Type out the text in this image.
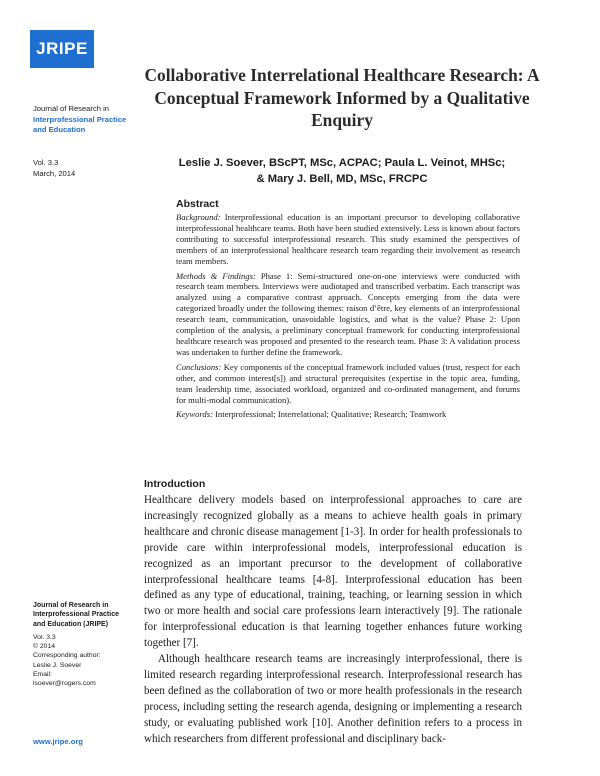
JRIPE
Journal of Research in
Interprofessional Practice and Education
Vol. 3.3
March, 2014
Collaborative Interrelational Healthcare Research: A Conceptual Framework Informed by a Qualitative Enquiry
Leslie J. Soever, BScPT, MSc, ACPAC; Paula L. Veinot, MHSc;
& Mary J. Bell, MD, MSc, FRCPC
Abstract

Background: Interprofessional education is an important precursor to developing collaborative interprofessional healthcare teams. Both have been studied extensively. Less is known about factors contributing to successful interprofessional research. This study examined the perspectives of members of an interprofessional healthcare research team regarding their involvement as research team members.

Methods & Findings: Phase 1: Semi-structured one-on-one interviews were conducted with research team members. Interviews were audiotaped and transcribed verbatim. Each transcript was analyzed using a comparative contrast approach. Concepts emerging from the data were categorized broadly under the following themes: raison d’être, key elements of an interprofessional research team, communication, unavoidable logistics, and what is the value? Phase 2: Upon completion of the analysis, a preliminary conceptual framework for conducting interprofessional healthcare research was proposed and presented to the research team. Phase 3: A validation process was undertaken to further define the framework.

Conclusions: Key components of the conceptual framework included values (trust, respect for each other, and common interest[s]) and structural prerequisites (expertise in the topic area, funding, team leadership time, associated workload, organized and co-ordinated management, and forums for multi-modal communication).

Keywords: Interprofessional; Interrelational; Qualitative; Research; Teamwork

Introduction

Healthcare delivery models based on interprofessional approaches to care are increasingly recognized globally as a means to achieve health goals in primary healthcare and chronic disease management [1-3]. In order for health professionals to provide care within interprofessional models, interprofessional education is recognized as an important precursor to the development of collaborative interprofessional healthcare teams [4-8]. Interprofessional education has been defined as any type of educational, training, teaching, or learning session in which two or more health and social care professions learn interactively [9]. The rationale for interprofessional education is that learning together enhances future working together [7].

Although healthcare research teams are increasingly interprofessional, there is limited research regarding interprofessional research. Interprofessional research has been defined as the collaboration of two or more health professionals in the research process, including setting the research agenda, designing or implementing a research study, or evaluating published work [10]. Another definition refers to a process in which researchers from different professional and disciplinary back-

Journal of Research in Interprofessional Practice and Education (JRIPE)
Vol. 3.3
© 2014
Corresponding author:
Leslie J. Soever
Email:
lsoever@rogers.com
www.jripe.org
